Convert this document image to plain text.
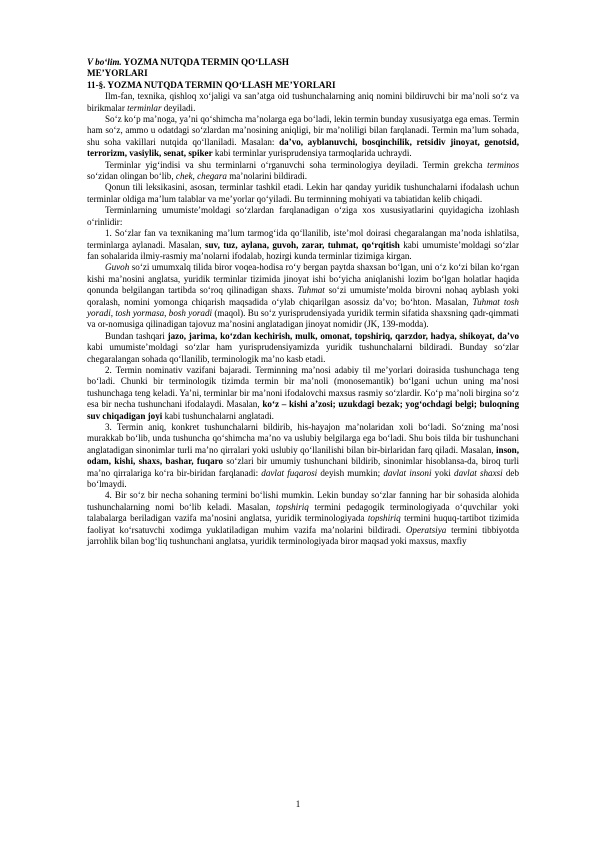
V bo‘lim. YOZMA NUTQDA TERMIN QO‘LLASH
ME’YORLARI
11-§. YOZMA NUTQDA TERMIN QO‘LLASH ME’YORLARI

Ilm-fan, texnika, qishloq xo‘jaligi va san’atga oid tushunchalarning aniq nomini bildiruvchi bir ma’noli so‘z va birikmalar terminlar deyiladi.

So‘z ko‘p ma’noga, ya’ni qo‘shimcha ma’nolarga ega bo‘ladi, lekin termin bunday xususiyatga ega emas. Termin ham so‘z, ammo u odatdagi so‘zlardan ma’nosining aniqligi, bir ma’noliligi bilan farqlanadi. Termin ma’lum sohada, shu soha vakillari nutqida qo‘llaniladi. Masalan: da’vo, ayblanuvchi, bosqinchilik, retsidiv jinoyat, genotsid, terrorizm, vasiylik, senat, spiker kabi terminlar yurisprudensiya tarmoqlarida uchraydi.

Terminlar yig‘indisi va shu terminlarni o‘rganuvchi soha terminologiya deyiladi. Termin grekcha terminos so‘zidan olingan bo‘lib, chek, chegara ma’nolarini bildiradi.

Qonun tili leksikasini, asosan, terminlar tashkil etadi. Lekin har qanday yuridik tushunchalarni ifodalash uchun terminlar oldiga ma’lum talablar va me’yorlar qo‘yiladi. Bu terminning mohiyati va tabiatidan kelib chiqadi.

Terminlarning umumiste’moldagi so‘zlardan farqlanadigan o‘ziga xos xususiyatlarini quyidagicha izohlash o‘rinlidir:

1. So‘zlar fan va texnikaning ma’lum tarmog‘ida qo‘llanilib, iste’mol doirasi chegaralangan ma’noda ishlatilsa, terminlarga aylanadi. Masalan, suv, tuz, aylana, guvoh, zarar, tuhmat, qo‘rqitish kabi umumiste’moldagi so‘zlar fan sohalarida ilmiy-rasmiy ma’nolarni ifodalab, hozirgi kunda terminlar tizimiga kirgan.

Guvoh so‘zi umumxalq tilida biror voqea-hodisa ro‘y bergan paytda shaxsan bo‘lgan, uni o‘z ko‘zi bilan ko‘rgan kishi ma’nosini anglatsa, yuridik terminlar tizimida jinoyat ishi bo‘yicha aniqlanishi lozim bo‘lgan holatlar haqida qonunda belgilangan tartibda so‘roq qilinadigan shaxs. Tuhmat so‘zi umumiste’molda birovni nohaq ayblash yoki qoralash, nomini yomonga chiqarish maqsadida o‘ylab chiqarilgan asossiz da’vo; bo‘hton. Masalan, Tuhmat tosh yoradi, tosh yormasa, bosh yoradi (maqol). Bu so‘z yurisprudensiyada yuridik termin sifatida shaxsning qadr-qimmati va or-nomusiga qilinadigan tajovuz ma’nosini anglatadigan jinoyat nomidir (JK, 139-modda).

Bundan tashqari jazo, jarima, ko‘zdan kechirish, mulk, omonat, topshiriq, qarzdor, hadya, shikoyat, da’vo kabi umumiste’moldagi so‘zlar ham yurisprudensiyamizda yuridik tushunchalarni bildiradi. Bunday so‘zlar chegaralangan sohada qo‘llanilib, terminologik ma’no kasb etadi.

2. Termin nominativ vazifani bajaradi. Terminning ma’nosi adabiy til me’yorlari doirasida tushunchaga teng bo‘ladi. Chunki bir terminologik tizimda termin bir ma’noli (monosemantik) bo‘lgani uchun uning ma’nosi tushunchaga teng keladi. Ya’ni, terminlar bir ma’noni ifodalovchi maxsus rasmiy so‘zlardir. Ko‘p ma’noli birgina so‘z esa bir necha tushunchani ifodalaydi. Masalan, ko‘z – kishi a’zosi; uzukdagi bezak; yog‘ochdagi belgi; buloqning suv chiqadigan joyi kabi tushunchalarni anglatadi.

3. Termin aniq, konkret tushunchalarni bildirib, his-hayajon ma’nolaridan xoli bo‘ladi. So‘zning ma’nosi murakkab bo‘lib, unda tushuncha qo‘shimcha ma’no va uslubiy belgilarga ega bo‘ladi. Shu bois tilda bir tushunchani anglatadigan sinonimlar turli ma’no qirralari yoki uslubiy qo‘llanilishi bilan bir-birlaridan farq qiladi. Masalan, inson, odam, kishi, shaxs, bashar, fuqaro so‘zlari bir umumiy tushunchani bildirib, sinonimlar hisoblansa-da, biroq turli ma’no qirralariga ko‘ra bir-biridan farqlanadi: davlat fuqarosi deyish mumkin; davlat insoni yoki davlat shaxsi deb bo‘lmaydi.

4. Bir so‘z bir necha sohaning termini bo‘lishi mumkin. Lekin bunday so‘zlar fanning har bir sohasida alohida tushunchalarning nomi bo‘lib keladi. Masalan, topshiriq termini pedagogik terminologiyada o‘quvchilar yoki talabalarga beriladigan vazifa ma’nosini anglatsa, yuridik terminologiyada topshiriq termini huquq-tartibot tizimida faoliyat ko‘rsatuvchi xodimga yuklatiladigan muhim vazifa ma’nolarini bildiradi. Operatsiya termini tibbiyotda jarrohlik bilan bog‘liq tushunchani anglatsa, yuridik terminologiyada biror maqsad yoki maxsus, maxfiy

1
